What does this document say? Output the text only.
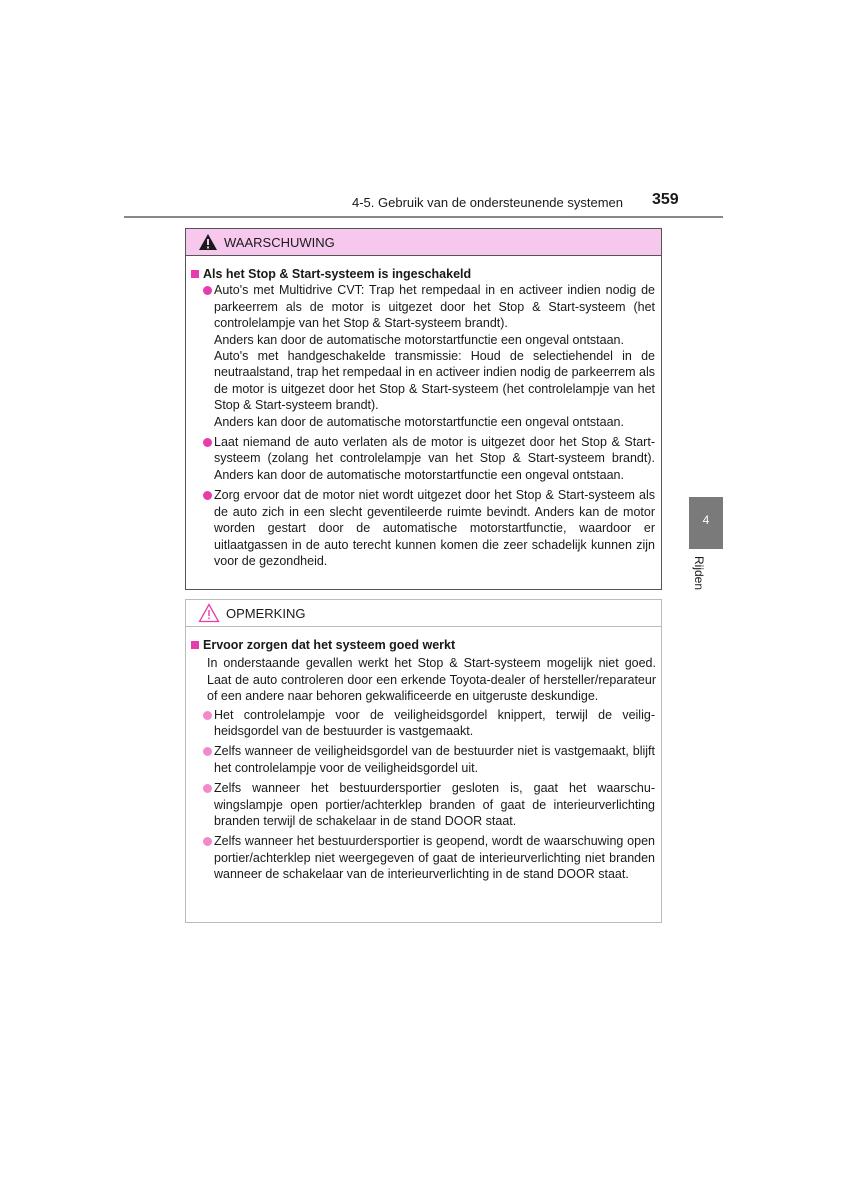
4-5. Gebruik van de ondersteunende systemen 359
4
Rijden
WAARSCHUWING
Als het Stop & Start-systeem is ingeschakeld
Auto's met Multidrive CVT: Trap het rempedaal in en activeer indien nodig de parkeerrem als de motor is uitgezet door het Stop & Start-systeem (het controlelampje van het Stop & Start-systeem brandt).
Anders kan door de automatische motorstartfunctie een ongeval ontstaan.
Auto's met handgeschakelde transmissie: Houd de selectiehendel in de neutraalstand, trap het rempedaal in en activeer indien nodig de parkeerrem als de motor is uitgezet door het Stop & Start-systeem (het controlelampje van het Stop & Start-systeem brandt).
Anders kan door de automatische motorstartfunctie een ongeval ontstaan.
Laat niemand de auto verlaten als de motor is uitgezet door het Stop & Start-systeem (zolang het controlelampje van het Stop & Start-systeem brandt). Anders kan door de automatische motorstartfunctie een ongeval ontstaan.
Zorg ervoor dat de motor niet wordt uitgezet door het Stop & Start-systeem als de auto zich in een slecht geventileerde ruimte bevindt. Anders kan de motor worden gestart door de automatische motorstartfunctie, waardoor er uitlaatgassen in de auto terecht kunnen komen die zeer schadelijk kunnen zijn voor de gezondheid.
OPMERKING
Ervoor zorgen dat het systeem goed werkt
In onderstaande gevallen werkt het Stop & Start-systeem mogelijk niet goed. Laat de auto controleren door een erkende Toyota-dealer of hersteller/reparateur of een andere naar behoren gekwalificeerde en uitgeruste deskundige.
Het controlelampje voor de veiligheidsgordel knippert, terwijl de veiligheidsgordel van de bestuurder is vastgemaakt.
Zelfs wanneer de veiligheidsgordel van de bestuurder niet is vastgemaakt, blijft het controlelampje voor de veiligheidsgordel uit.
Zelfs wanneer het bestuurdersportier gesloten is, gaat het waarschuwingslampje open portier/achterklep branden of gaat de interieurverlichting branden terwijl de schakelaar in de stand DOOR staat.
Zelfs wanneer het bestuurdersportier is geopend, wordt de waarschuwing open portier/achterklep niet weergegeven of gaat de interieurverlichting niet branden wanneer de schakelaar van de interieurverlichting in de stand DOOR staat.
